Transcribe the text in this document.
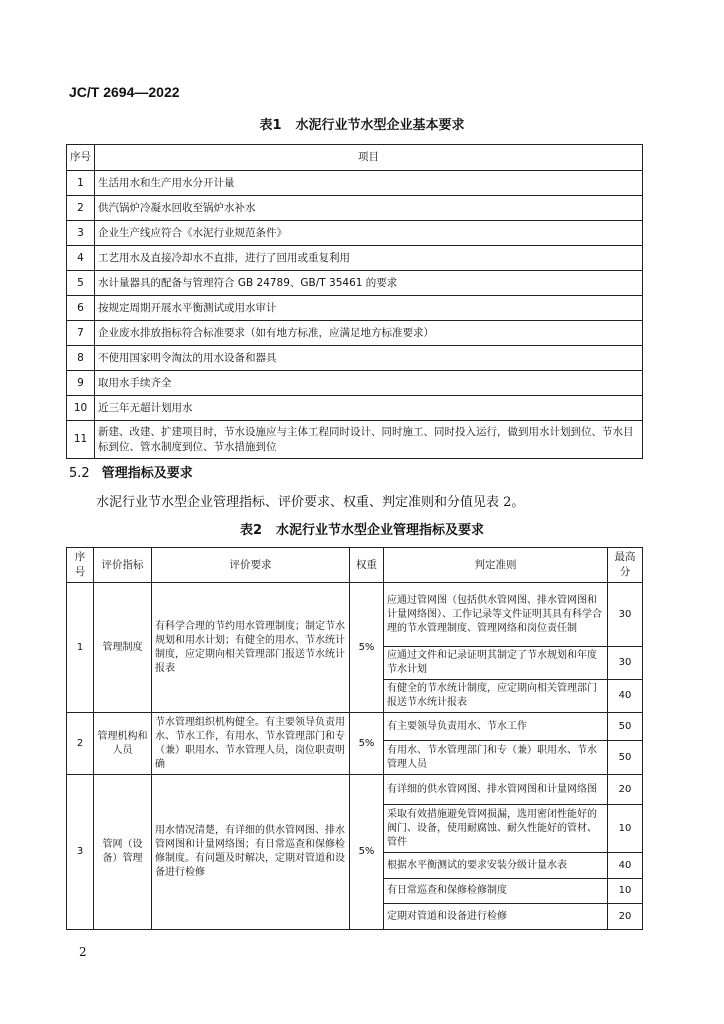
JC/T 2694—2022
表1 水泥行业节水型企业基本要求
序号	项目
1	生活用水和生产用水分开计量
2	供汽锅炉冷凝水回收至锅炉水补水
3	企业生产线应符合《水泥行业规范条件》
4	工艺用水及直接冷却水不直排，进行了回用或重复利用
5	水计量器具的配备与管理符合 GB 24789、GB/T 35461 的要求
6	按规定周期开展水平衡测试或用水审计
7	企业废水排放指标符合标准要求（如有地方标准，应满足地方标准要求）
8	不使用国家明令淘汰的用水设备和器具
9	取用水手续齐全
10	近三年无超计划用水
11	新建、改建、扩建项目时，节水设施应与主体工程同时设计、同时施工、同时投入运行，做到用水计划到位、节水目标到位、管水制度到位、节水措施到位
5.2 管理指标及要求
水泥行业节水型企业管理指标、评价要求、权重、判定准则和分值见表 2。
表2 水泥行业节水型企业管理指标及要求
序号	评价指标	评价要求	权重	判定准则	最高分
1	管理制度	有科学合理的节约用水管理制度；制定节水规划和用水计划；有健全的用水、节水统计制度，应定期向相关管理部门报送节水统计报表	5%	应通过管网图（包括供水管网图、排水管网图和计量网络图）、工作记录等文件证明其具有科学合理的节水管理制度、管理网络和岗位责任制	30
				应通过文件和记录证明其制定了节水规划和年度节水计划	30
				有健全的节水统计制度，应定期向相关管理部门报送节水统计报表	40
2	管理机构和人员	节水管理组织机构健全。有主要领导负责用水、节水工作，有用水、节水管理部门和专（兼）职用水、节水管理人员，岗位职责明确	5%	有主要领导负责用水、节水工作	50
				有用水、节水管理部门和专（兼）职用水、节水管理人员	50
3	管网（设备）管理	用水情况清楚，有详细的供水管网图、排水管网图和计量网络图；有日常巡查和保修检修制度。有问题及时解决，定期对管道和设备进行检修	5%	有详细的供水管网图、排水管网图和计量网络图	20
				采取有效措施避免管网损漏，选用密闭性能好的阀门、设备，使用耐腐蚀、耐久性能好的管材、管件	10
				根据水平衡测试的要求安装分级计量水表	40
				有日常巡查和保修检修制度	10
				定期对管道和设备进行检修	20
2
